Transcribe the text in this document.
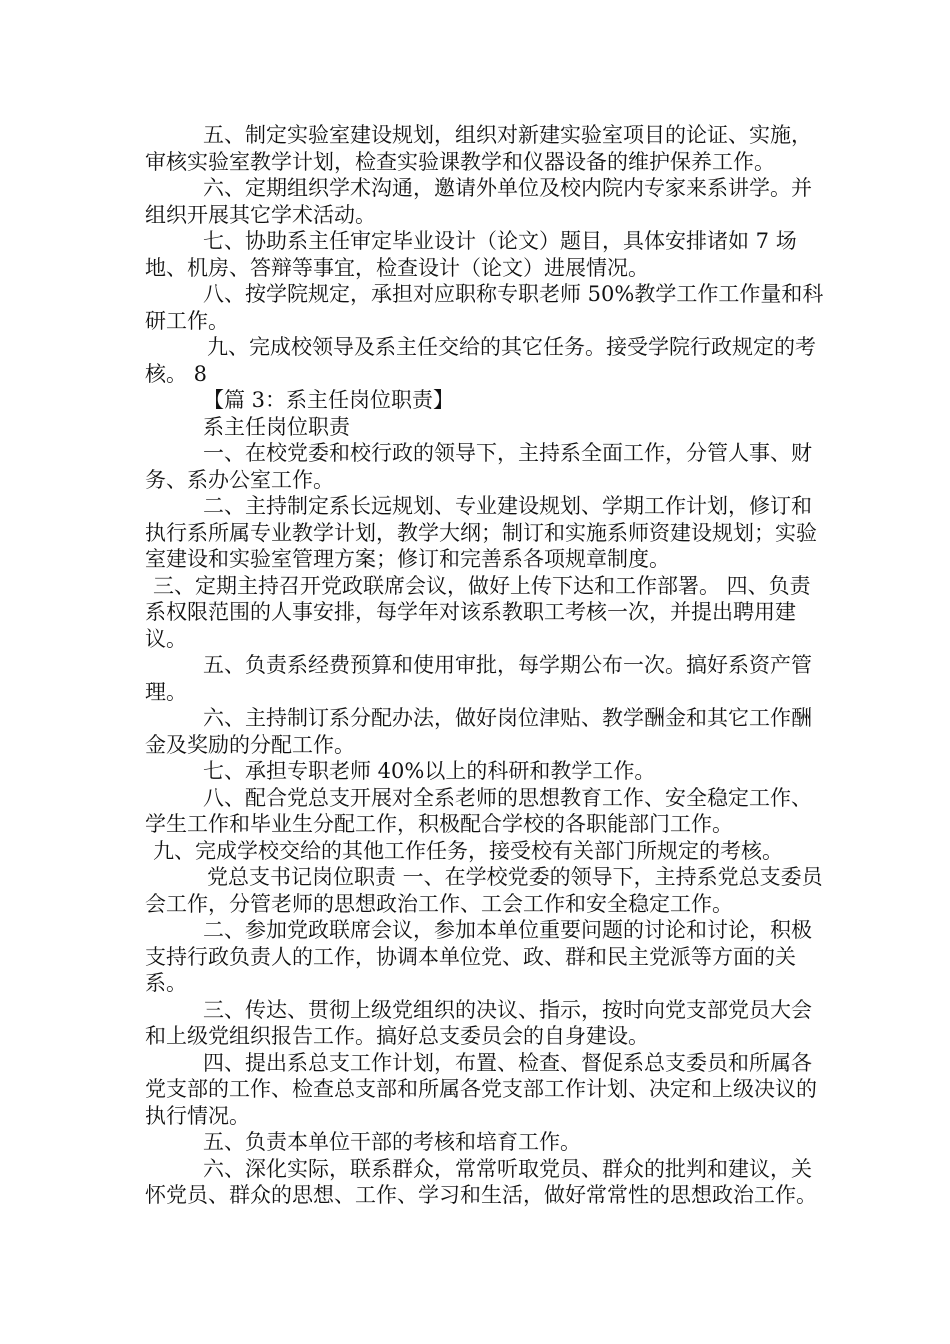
五、制定实验室建设规划，组织对新建实验室项目的论证、实施，审核实验室教学计划，检查实验课教学和仪器设备的维护保养工作。

六、定期组织学术沟通，邀请外单位及校内院内专家来系讲学。并组织开展其它学术活动。

七、协助系主任审定毕业设计（论文）题目，具体安排诸如 7 场地、机房、答辩等事宜，检查设计（论文）进展情况。

八、按学院规定，承担对应职称专职老师 50%教学工作工作量和科研工作。

九、完成校领导及系主任交给的其它任务。接受学院行政规定的考核。 8

【篇 3：系主任岗位职责】

系主任岗位职责

一、在校党委和校行政的领导下，主持系全面工作，分管人事、财务、系办公室工作。

二、主持制定系长远规划、专业建设规划、学期工作计划，修订和执行系所属专业教学计划，教学大纲；制订和实施系师资建设规划；实验室建设和实验室管理方案；修订和完善系各项规章制度。

三、定期主持召开党政联席会议，做好上传下达和工作部署。 四、负责系权限范围的人事安排，每学年对该系教职工考核一次，并提出聘用建议。

五、负责系经费预算和使用审批，每学期公布一次。搞好系资产管理。

六、主持制订系分配办法，做好岗位津贴、教学酬金和其它工作酬金及奖励的分配工作。

七、承担专职老师 40%以上的科研和教学工作。

八、配合党总支开展对全系老师的思想教育工作、安全稳定工作、学生工作和毕业生分配工作，积极配合学校的各职能部门工作。

九、完成学校交给的其他工作任务，接受校有关部门所规定的考核。

党总支书记岗位职责 一、在学校党委的领导下，主持系党总支委员会工作，分管老师的思想政治工作、工会工作和安全稳定工作。

二、参加党政联席会议，参加本单位重要问题的讨论和讨论，积极支持行政负责人的工作，协调本单位党、政、群和民主党派等方面的关系。

三、传达、贯彻上级党组织的决议、指示，按时向党支部党员大会和上级党组织报告工作。搞好总支委员会的自身建设。

四、提出系总支工作计划，布置、检查、督促系总支委员和所属各党支部的工作、检查总支部和所属各党支部工作计划、决定和上级决议的执行情况。

五、负责本单位干部的考核和培育工作。

六、深化实际，联系群众，常常听取党员、群众的批判和建议，关怀党员、群众的思想、工作、学习和生活，做好常常性的思想政治工作。
